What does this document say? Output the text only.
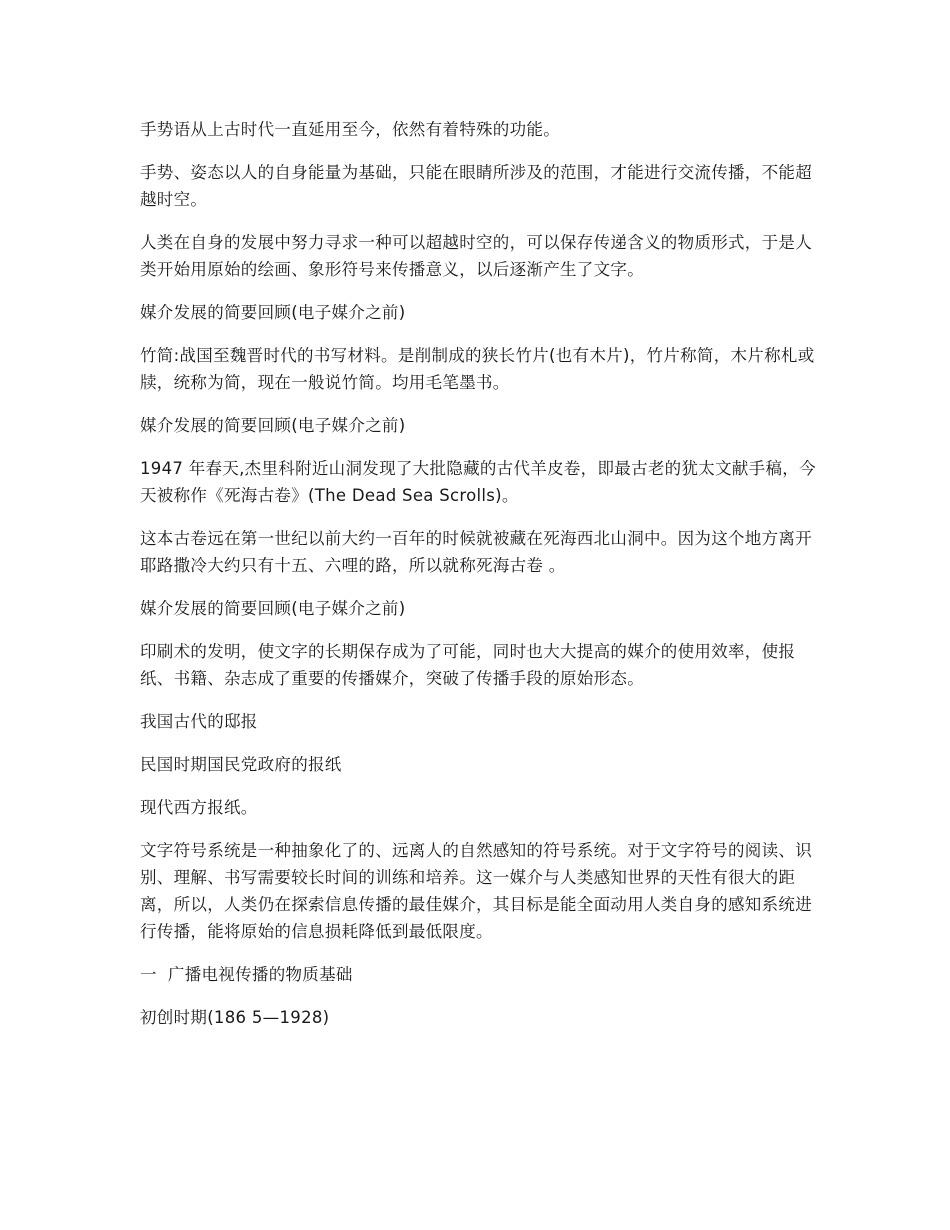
手势语从上古时代一直延用至今，依然有着特殊的功能。

手势、姿态以人的自身能量为基础，只能在眼睛所涉及的范围，才能进行交流传播，不能超越时空。

人类在自身的发展中努力寻求一种可以超越时空的，可以保存传递含义的物质形式，于是人类开始用原始的绘画、象形符号来传播意义，以后逐渐产生了文字。

媒介发展的简要回顾(电子媒介之前)

竹简:战国至魏晋时代的书写材料。是削制成的狭长竹片(也有木片)，竹片称简，木片称札或牍，统称为简，现在一般说竹简。均用毛笔墨书。

媒介发展的简要回顾(电子媒介之前)

1947 年春天,杰里科附近山洞发现了大批隐藏的古代羊皮卷，即最古老的犹太文献手稿，今天被称作《死海古卷》(The Dead Sea Scrolls)。

这本古卷远在第一世纪以前大约一百年的时候就被藏在死海西北山洞中。因为这个地方离开耶路撒冷大约只有十五、六哩的路，所以就称死海古卷 。

媒介发展的简要回顾(电子媒介之前)

印刷术的发明，使文字的长期保存成为了可能，同时也大大提高的媒介的使用效率，使报纸、书籍、杂志成了重要的传播媒介，突破了传播手段的原始形态。

我国古代的邸报

民国时期国民党政府的报纸

现代西方报纸。

文字符号系统是一种抽象化了的、远离人的自然感知的符号系统。对于文字符号的阅读、识别、理解、书写需要较长时间的训练和培养。这一媒介与人类感知世界的天性有很大的距离，所以，人类仍在探索信息传播的最佳媒介，其目标是能全面动用人类自身的感知系统进行传播，能将原始的信息损耗降低到最低限度。

一  广播电视传播的物质基础

初创时期(186 5—1928)
